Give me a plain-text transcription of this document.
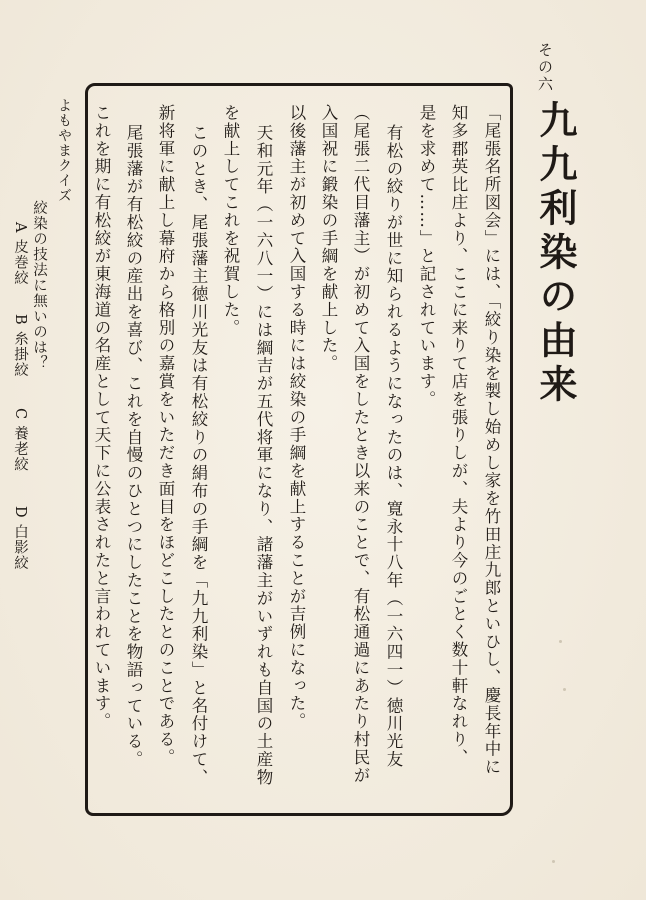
その六
九九利染の由来
「尾張名所図会」には、「絞り染を製し始めし家を竹田庄九郎といひし、慶長年中に
知多郡英比庄より、ここに来りて店を張りしが、夫より今のごとく数十軒なれり、
是を求めて……」と記されています。
有松の絞りが世に知られるようになったのは、寛永十八年（一六四一）徳川光友
（尾張二代目藩主）が初めて入国をしたとき以来のことで、有松通過にあたり村民が
入国祝に鍛染の手綱を献上した。
以後藩主が初めて入国する時には絞染の手綱を献上することが吉例になった。
天和元年（一六八一）には綱吉が五代将軍になり、諸藩主がいずれも自国の土産物
を献上してこれを祝賀した。
このとき、尾張藩主徳川光友は有松絞りの絹布の手綱を「九九利染」と名付けて、
新将軍に献上し幕府から格別の嘉賞をいただき面目をほどこしたとのことである。
尾張藩が有松絞の産出を喜び、これを自慢のひとつにしたことを物語っている。
これを期に有松絞が東海道の名産として天下に公表されたと言われています。
よもやまクイズ
絞染の技法に無いのは？
A 皮巻絞
B 糸掛絞
C 養老絞
D 白影絞
